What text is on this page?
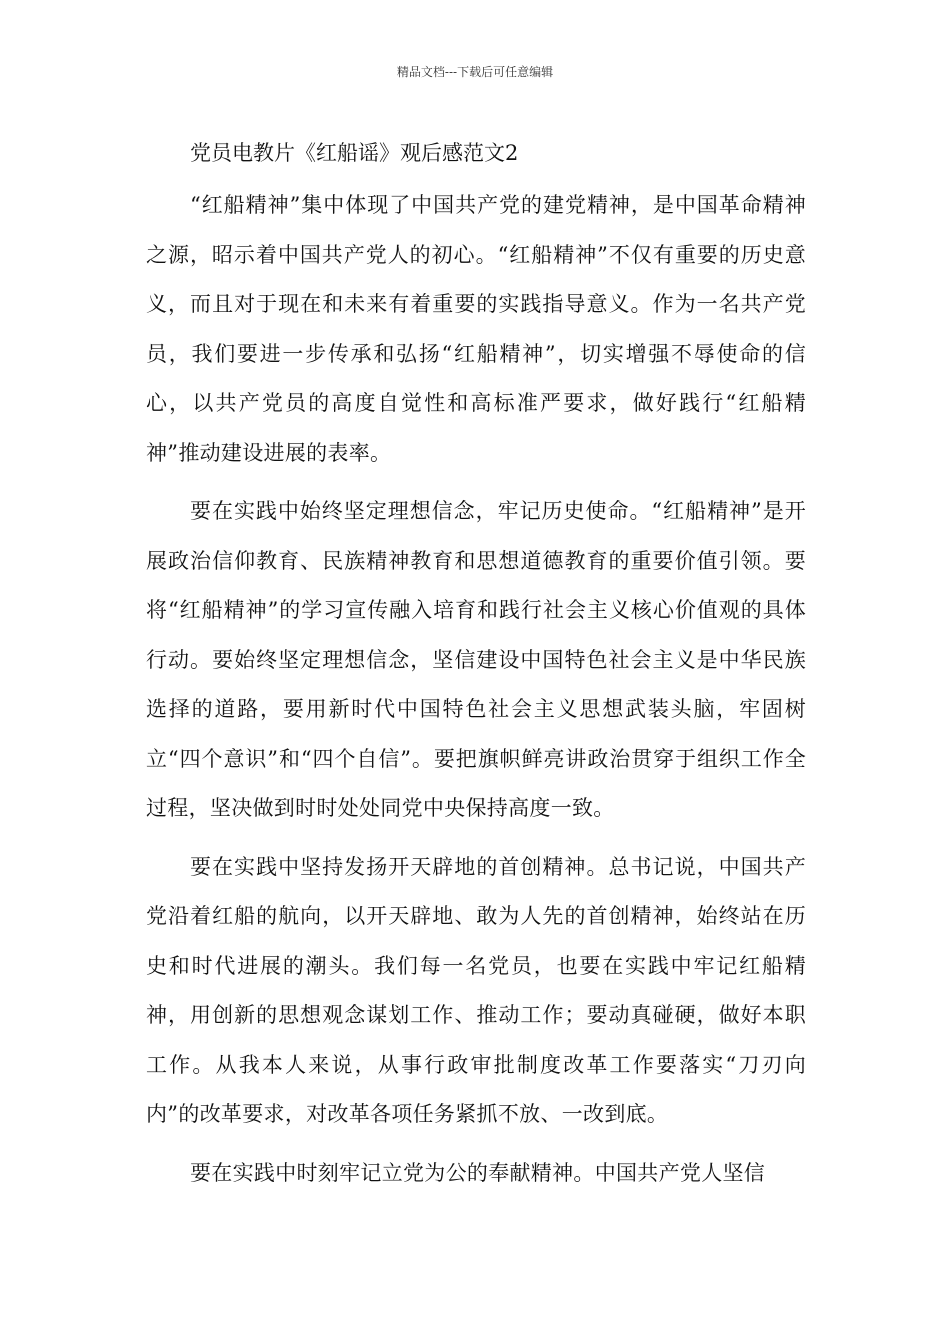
精品文档---下载后可任意编辑
党员电教片《红船谣》观后感范文2

“红船精神”集中体现了中国共产党的建党精神，是中国革命精神之源，昭示着中国共产党人的初心。“红船精神”不仅有重要的历史意义，而且对于现在和未来有着重要的实践指导意义。作为一名共产党员，我们要进一步传承和弘扬“红船精神”，切实增强不辱使命的信心，以共产党员的高度自觉性和高标准严要求，做好践行“红船精神”推动建设进展的表率。

要在实践中始终坚定理想信念，牢记历史使命。“红船精神”是开展政治信仰教育、民族精神教育和思想道德教育的重要价值引领。要将“红船精神”的学习宣传融入培育和践行社会主义核心价值观的具体行动。要始终坚定理想信念，坚信建设中国特色社会主义是中华民族选择的道路，要用新时代中国特色社会主义思想武装头脑，牢固树立“四个意识”和“四个自信”。要把旗帜鲜亮讲政治贯穿于组织工作全过程，坚决做到时时处处同党中央保持高度一致。

要在实践中坚持发扬开天辟地的首创精神。总书记说，中国共产党沿着红船的航向，以开天辟地、敢为人先的首创精神，始终站在历史和时代进展的潮头。我们每一名党员，也要在实践中牢记红船精神，用创新的思想观念谋划工作、推动工作；要动真碰硬，做好本职工作。从我本人来说，从事行政审批制度改革工作要落实“刀刃向内”的改革要求，对改革各项任务紧抓不放、一改到底。

要在实践中时刻牢记立党为公的奉献精神。中国共产党人坚信
